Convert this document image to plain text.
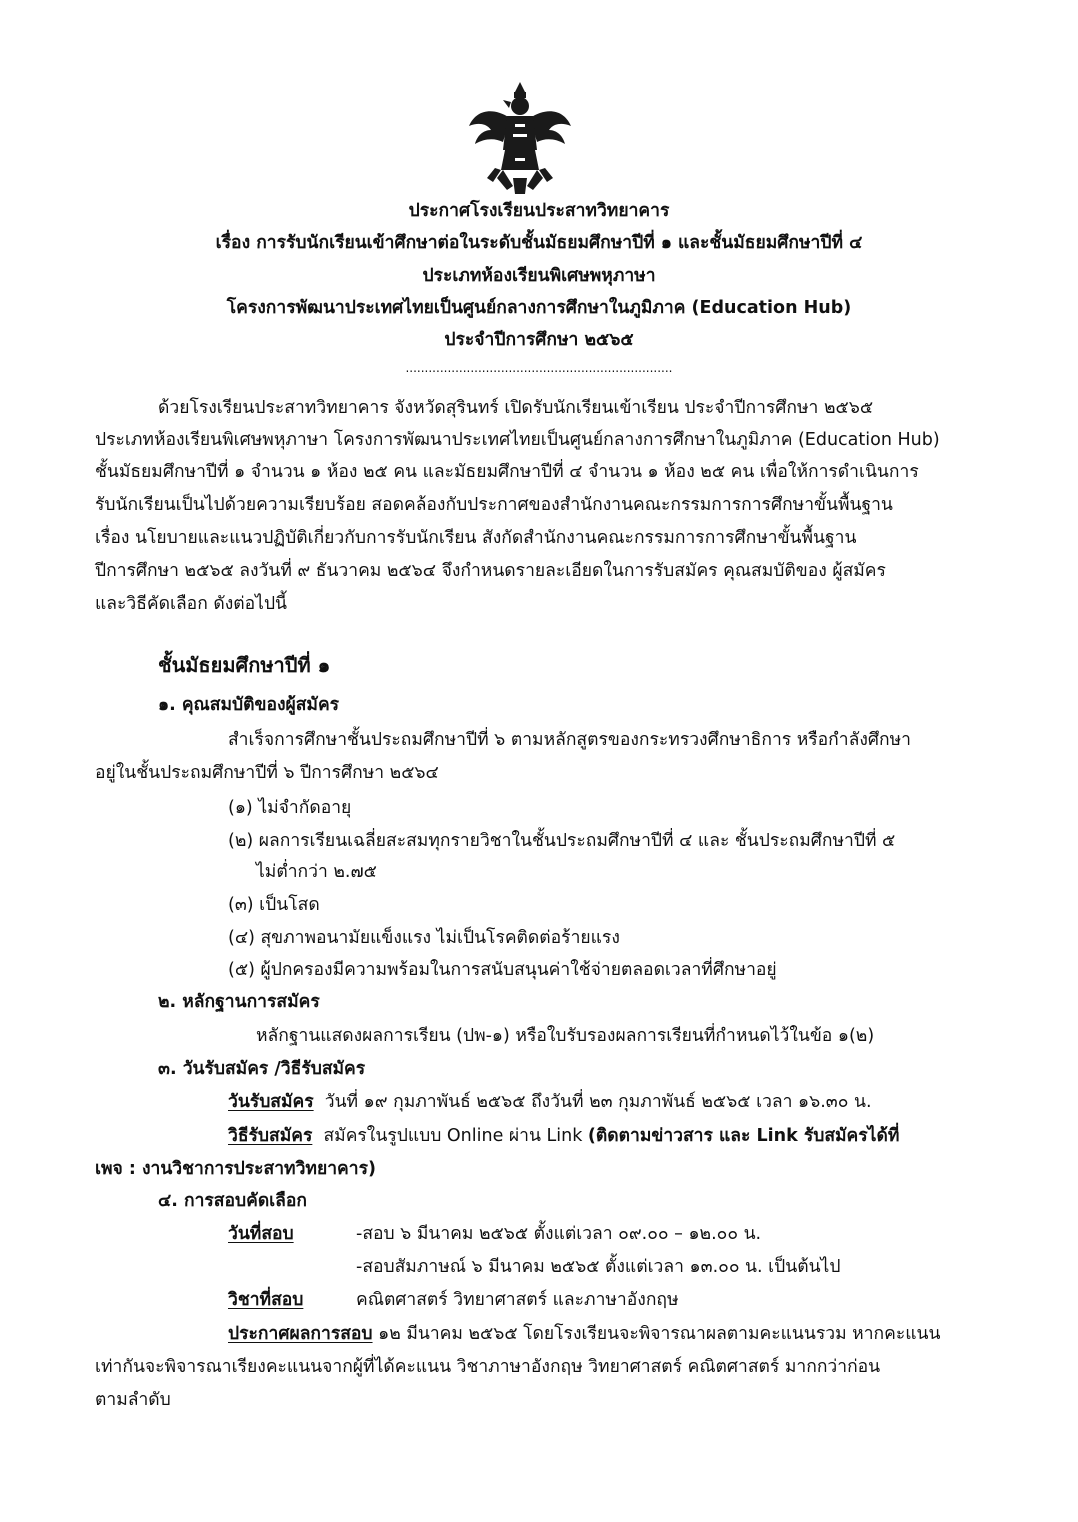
ประกาศโรงเรียนประสาทวิทยาคาร
เรื่อง การรับนักเรียนเข้าศึกษาต่อในระดับชั้นมัธยมศึกษาปีที่ ๑ และชั้นมัธยมศึกษาปีที่ ๔
ประเภทห้องเรียนพิเศษพหุภาษา
โครงการพัฒนาประเทศไทยเป็นศูนย์กลางการศึกษาในภูมิภาค (Education Hub)
ประจำปีการศึกษา ๒๕๖๕
......................................................................
ด้วยโรงเรียนประสาทวิทยาคาร จังหวัดสุรินทร์ เปิดรับนักเรียนเข้าเรียน ประจำปีการศึกษา ๒๕๖๕
ประเภทห้องเรียนพิเศษพหุภาษา โครงการพัฒนาประเทศไทยเป็นศูนย์กลางการศึกษาในภูมิภาค (Education Hub)
ชั้นมัธยมศึกษาปีที่ ๑ จำนวน ๑ ห้อง ๒๕ คน และมัธยมศึกษาปีที่ ๔ จำนวน ๑ ห้อง ๒๕ คน เพื่อให้การดำเนินการ
รับนักเรียนเป็นไปด้วยความเรียบร้อย สอดคล้องกับประกาศของสำนักงานคณะกรรมการการศึกษาขั้นพื้นฐาน
เรื่อง นโยบายและแนวปฏิบัติเกี่ยวกับการรับนักเรียน สังกัดสำนักงานคณะกรรมการการศึกษาขั้นพื้นฐาน
ปีการศึกษา ๒๕๖๕ ลงวันที่ ๙ ธันวาคม ๒๕๖๔ จึงกำหนดรายละเอียดในการรับสมัคร คุณสมบัติของ ผู้สมัคร
และวิธีคัดเลือก ดังต่อไปนี้
ชั้นมัธยมศึกษาปีที่ ๑
๑. คุณสมบัติของผู้สมัคร
สำเร็จการศึกษาชั้นประถมศึกษาปีที่ ๖ ตามหลักสูตรของกระทรวงศึกษาธิการ หรือกำลังศึกษา
อยู่ในชั้นประถมศึกษาปีที่ ๖ ปีการศึกษา ๒๕๖๔
(๑) ไม่จำกัดอายุ
(๒) ผลการเรียนเฉลี่ยสะสมทุกรายวิชาในชั้นประถมศึกษาปีที่ ๔ และ ชั้นประถมศึกษาปีที่ ๕
ไม่ต่ำกว่า ๒.๗๕
(๓) เป็นโสด
(๔) สุขภาพอนามัยแข็งแรง ไม่เป็นโรคติดต่อร้ายแรง
(๕) ผู้ปกครองมีความพร้อมในการสนับสนุนค่าใช้จ่ายตลอดเวลาที่ศึกษาอยู่
๒. หลักฐานการสมัคร
หลักฐานแสดงผลการเรียน (ปพ-๑) หรือใบรับรองผลการเรียนที่กำหนดไว้ในข้อ ๑(๒)
๓. วันรับสมัคร /วิธีรับสมัคร
วันรับสมัคร วันที่ ๑๙ กุมภาพันธ์ ๒๕๖๕ ถึงวันที่ ๒๓ กุมภาพันธ์ ๒๕๖๕ เวลา ๑๖.๓๐ น.
วิธีรับสมัคร สมัครในรูปแบบ Online ผ่าน Link (ติดตามข่าวสาร และ Link รับสมัครได้ที่
เพจ : งานวิชาการประสาทวิทยาคาร)
๔. การสอบคัดเลือก
วันที่สอบ	-สอบ ๖ มีนาคม ๒๕๖๕ ตั้งแต่เวลา ๐๙.๐๐ – ๑๒.๐๐ น.
-สอบสัมภาษณ์ ๖ มีนาคม ๒๕๖๕ ตั้งแต่เวลา ๑๓.๐๐ น. เป็นต้นไป
วิชาที่สอบ	คณิตศาสตร์ วิทยาศาสตร์ และภาษาอังกฤษ
ประกาศผลการสอบ ๑๒ มีนาคม ๒๕๖๕ โดยโรงเรียนจะพิจารณาผลตามคะแนนรวม หากคะแนน
เท่ากันจะพิจารณาเรียงคะแนนจากผู้ที่ได้คะแนน วิชาภาษาอังกฤษ วิทยาศาสตร์ คณิตศาสตร์ มากกว่าก่อน
ตามลำดับ
